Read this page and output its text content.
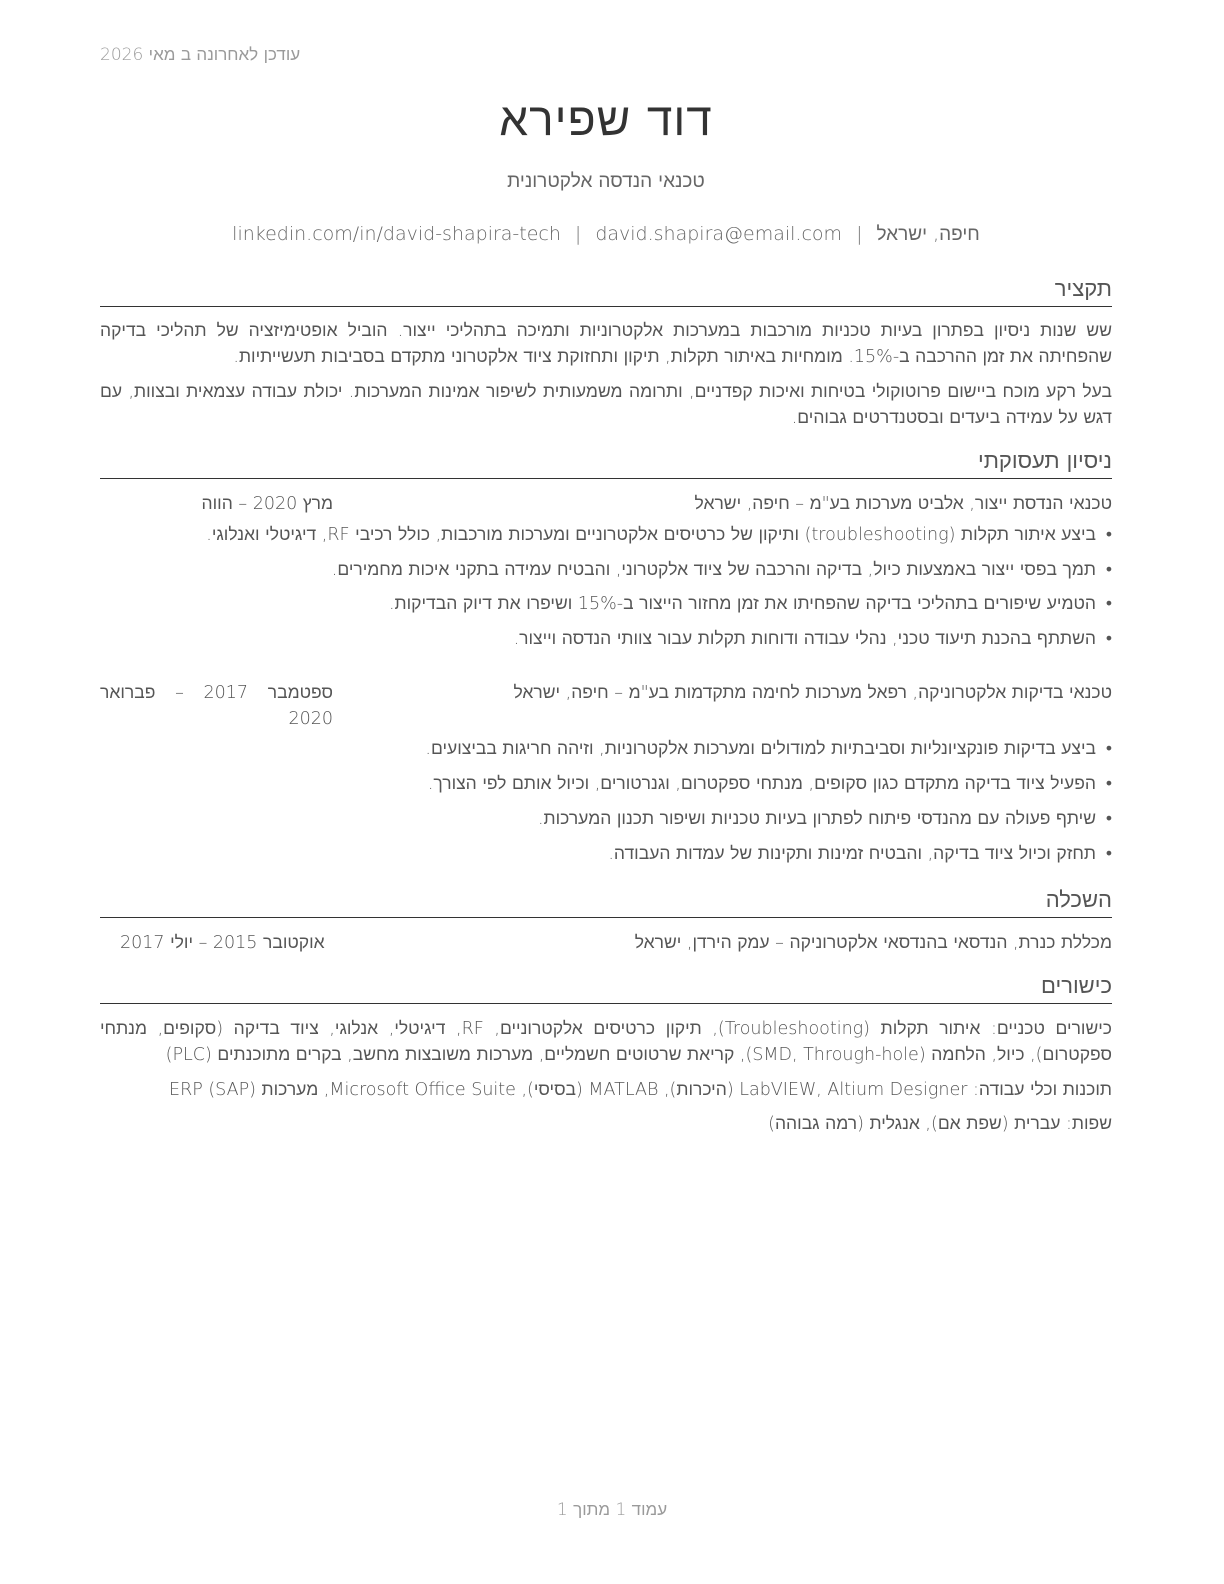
עודכן לאחרונה ב מאי 2026
דוד שפירא
טכנאי הנדסה אלקטרונית
חיפה, ישראל|david.shapira@email.com|linkedin.com/in/david-shapira-tech
תקציר
שש שנות ניסיון בפתרון בעיות טכניות מורכבות במערכות אלקטרוניות ותמיכה בתהליכי ייצור. הוביל אופטימיזציה של תהליכי בדיקה שהפחיתה את זמן ההרכבה ב-15%. מומחיות באיתור תקלות, תיקון ותחזוקת ציוד אלקטרוני מתקדם בסביבות תעשייתיות.
בעל רקע מוכח ביישום פרוטוקולי בטיחות ואיכות קפדניים, ותרומה משמעותית לשיפור אמינות המערכות. יכולת עבודה עצמאית ובצוות, עם דגש על עמידה ביעדים ובסטנדרטים גבוהים.
ניסיון תעסוקתי
טכנאי הנדסת ייצור, אלביט מערכות בע"מ – חיפה, ישראל
מרץ 2020 – הווה
•
ביצע איתור תקלות (troubleshooting) ותיקון של כרטיסים אלקטרוניים ומערכות מורכבות, כולל רכיבי RF, דיגיטלי ואנלוגי.
•
תמך בפסי ייצור באמצעות כיול, בדיקה והרכבה של ציוד אלקטרוני, והבטיח עמידה בתקני איכות מחמירים.
•
הטמיע שיפורים בתהליכי בדיקה שהפחיתו את זמן מחזור הייצור ב-15% ושיפרו את דיוק הבדיקות.
•
השתתף בהכנת תיעוד טכני, נהלי עבודה ודוחות תקלות עבור צוותי הנדסה וייצור.
טכנאי בדיקות אלקטרוניקה, רפאל מערכות לחימה מתקדמות בע"מ – חיפה, ישראל
ספטמבר 2017 – פברואר 2020
•
ביצע בדיקות פונקציונליות וסביבתיות למודולים ומערכות אלקטרוניות, וזיהה חריגות בביצועים.
•
הפעיל ציוד בדיקה מתקדם כגון סקופים, מנתחי ספקטרום, וגנרטורים, וכיול אותם לפי הצורך.
•
שיתף פעולה עם מהנדסי פיתוח לפתרון בעיות טכניות ושיפור תכנון המערכות.
•
תחזק וכיול ציוד בדיקה, והבטיח זמינות ותקינות של עמדות העבודה.
השכלה
מכללת כנרת, הנדסאי בהנדסאי אלקטרוניקה – עמק הירדן, ישראל
אוקטובר 2015 – יולי 2017
כישורים
כישורים טכניים: איתור תקלות (Troubleshooting), תיקון כרטיסים אלקטרוניים, RF, דיגיטלי, אנלוגי, ציוד בדיקה (סקופים, מנתחי ספקטרום), כיול, הלחמה (SMD, Through-hole), קריאת שרטוטים חשמליים, מערכות משובצות מחשב, בקרים מתוכנתים (PLC)
תוכנות וכלי עבודה: LabVIEW, Altium Designer (היכרות), MATLAB (בסיסי), Microsoft Office Suite, מערכות ERP (SAP)
שפות: עברית (שפת אם), אנגלית (רמה גבוהה)
עמוד 1 מתוך 1
